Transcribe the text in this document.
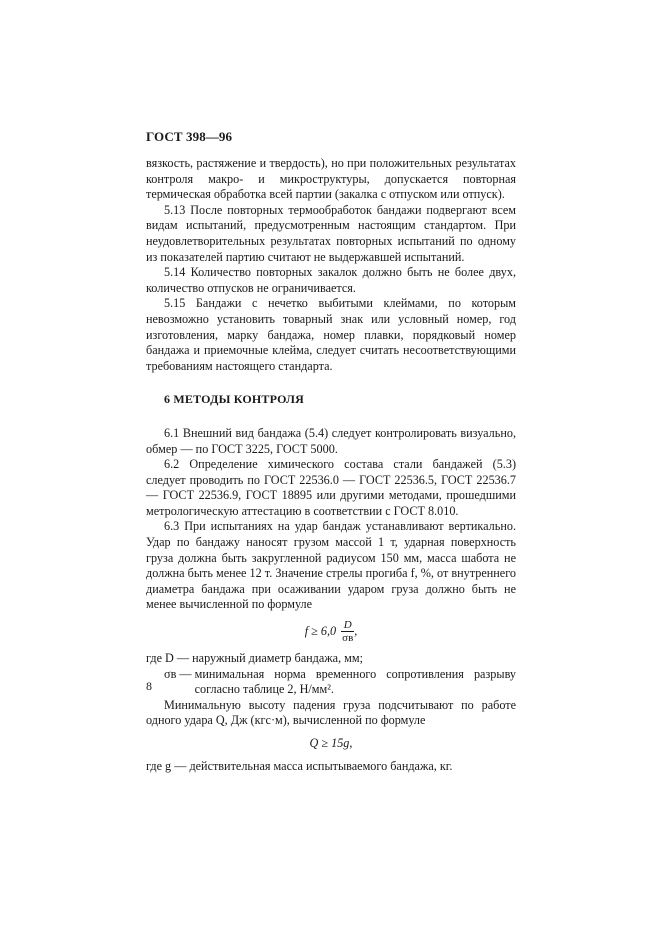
ГОСТ 398—96

вязкость, растяжение и твердость), но при положительных результатах контроля макро- и микроструктуры, допускается повторная термическая обработка всей партии (закалка с отпуском или отпуск).

5.13 После повторных термообработок бандажи подвергают всем видам испытаний, предусмотренным настоящим стандартом. При неудовлетворительных результатах повторных испытаний по одному из показателей партию считают не выдержавшей испытаний.

5.14 Количество повторных закалок должно быть не более двух, количество отпусков не ограничивается.

5.15 Бандажи с нечетко выбитыми клеймами, по которым невозможно установить товарный знак или условный номер, год изготовления, марку бандажа, номер плавки, порядковый номер бандажа и приемочные клейма, следует считать несоответствующими требованиям настоящего стандарта.

6 МЕТОДЫ КОНТРОЛЯ

6.1 Внешний вид бандажа (5.4) следует контролировать визуально, обмер — по ГОСТ 3225, ГОСТ 5000.

6.2 Определение химического состава стали бандажей (5.3) следует проводить по ГОСТ 22536.0 — ГОСТ 22536.5, ГОСТ 22536.7 — ГОСТ 22536.9, ГОСТ 18895 или другими методами, прошедшими метрологическую аттестацию в соответствии с ГОСТ 8.010.

6.3 При испытаниях на удар бандаж устанавливают вертикально. Удар по бандажу наносят грузом массой 1 т, ударная поверхность груза должна быть закругленной радиусом 150 мм, масса шабота не должна быть менее 12 т. Значение стрелы прогиба f, %, от внутреннего диаметра бандажа при осаживании ударом груза должно быть не менее вычисленной по формуле

$f \ge 6,0 \frac{D}{\sigma в}$ ,
где D —
наружный диаметр бандажа, мм;
σв —
минимальная норма временного сопротивления разрыву согласно таблице 2, Н/мм².

Минимальную высоту падения груза подсчитывают по работе одного удара Q, Дж (кгс·м), вычисленной по формуле

Q ≥ 15g,
где g —
действительная масса испытываемого бандажа, кг.
8
